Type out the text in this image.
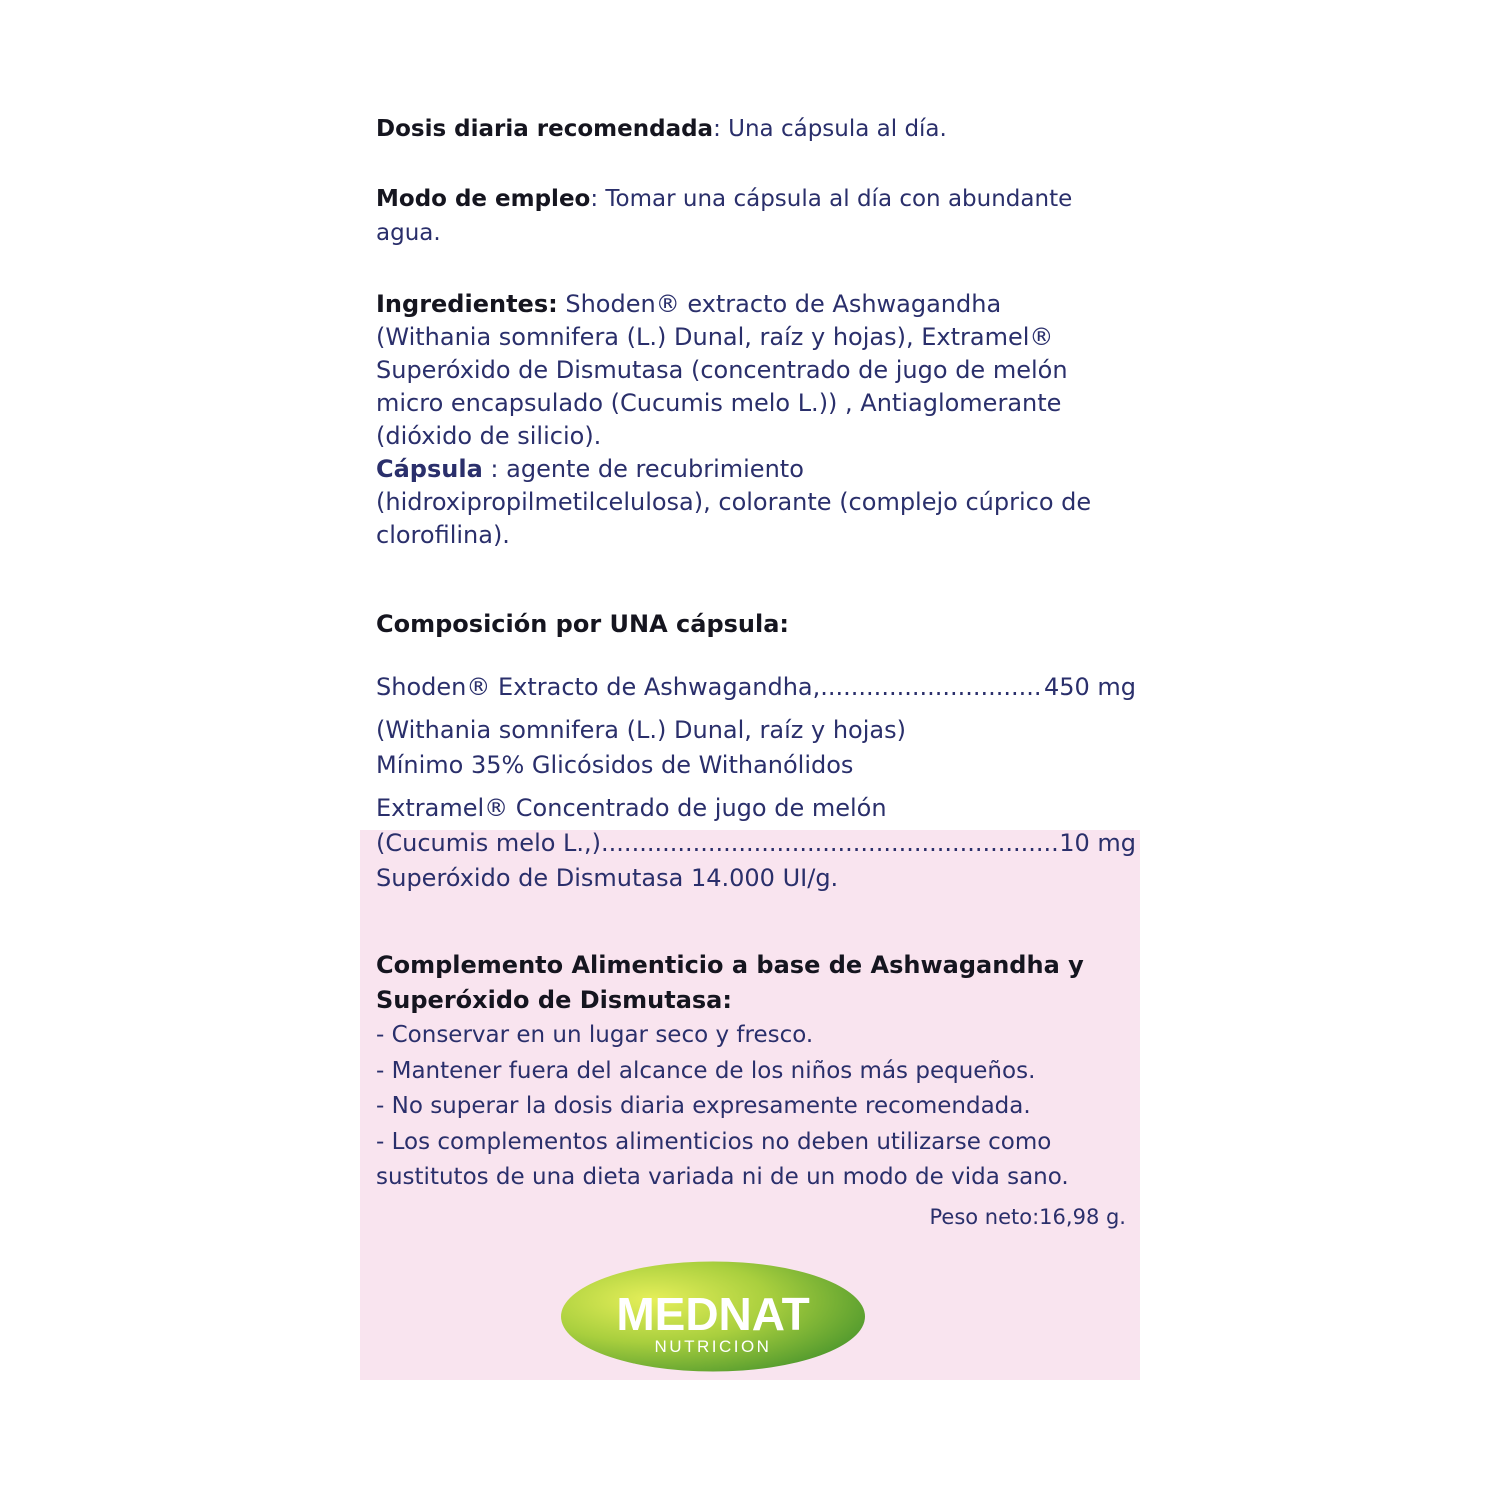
Dosis diaria recomendada: Una cápsula al día.

Modo de empleo: Tomar una cápsula al día con abundante agua.

Ingredientes: Shoden® extracto de Ashwagandha (Withania somnifera (L.) Dunal, raíz y hojas), Extramel® Superóxido de Dismutasa (concentrado de jugo de melón micro encapsulado (Cucumis melo L.)) , Antiaglomerante (dióxido de silicio).

Cápsula : agente de recubrimiento (hidroxipropilmetilcelulosa), colorante (complejo cúprico de clorofilina).

Composición por UNA cápsula:
Shoden® Extracto de Ashwagandha, .....	450 mg
(Withania somnifera (L.) Dunal, raíz y hojas)
Mínimo 35% Glicósidos de Withanólidos
Extramel® Concentrado de jugo de melón
(Cucumis melo L.,) .....	10 mg
Superóxido de Dismutasa 14.000 UI/g.
Complemento Alimenticio a base de Ashwagandha y
Superóxido de Dismutasa:
- Conservar en un lugar seco y fresco.
- Mantener fuera del alcance de los niños más pequeños.
- No superar la dosis diaria expresamente recomendada.
- Los complementos alimenticios no deben utilizarse como
sustitutos de una dieta variada ni de un modo de vida sano.
Peso neto:16,98 g.
MEDNAT
NUTRICION
